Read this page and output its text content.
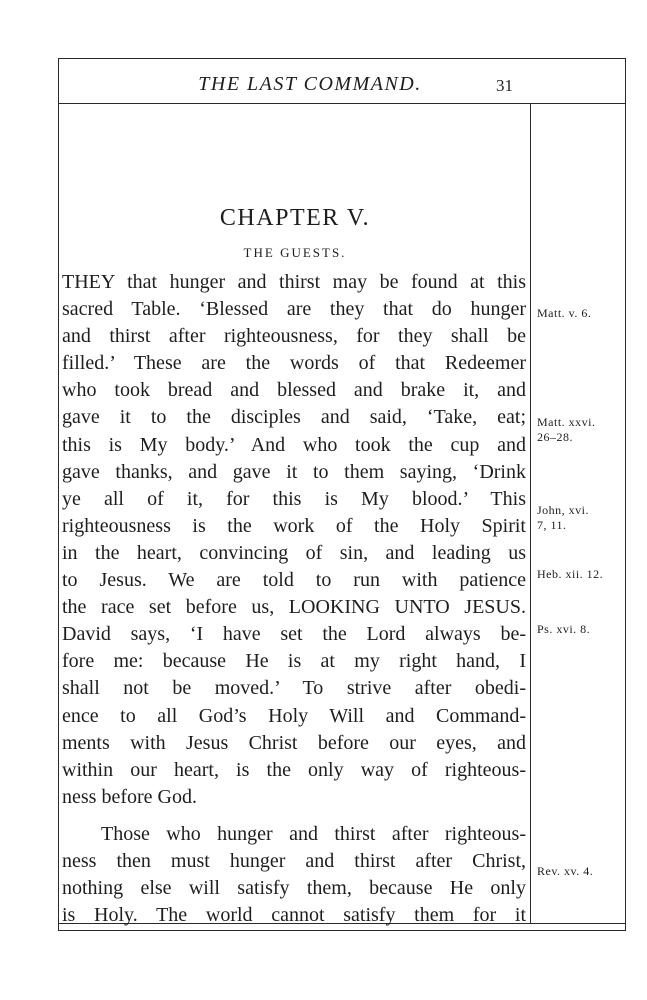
THE LAST COMMAND.	31
CHAPTER V.
THE GUESTS.
THEY that hunger and thirst may be found at this
sacred Table. ‘Blessed are they that do hunger
and thirst after righteousness, for they shall be
filled.’ These are the words of that Redeemer
who took bread and blessed and brake it, and
gave it to the disciples and said, ‘Take, eat;
this is My body.’ And who took the cup and
gave thanks, and gave it to them saying, ‘Drink
ye all of it, for this is My blood.’ This
righteousness is the work of the Holy Spirit
in the heart, convincing of sin, and leading us
to Jesus. We are told to run with patience
the race set before us, LOOKING UNTO JESUS.
David says, ‘I have set the Lord always be-
fore me: because He is at my right hand, I
shall not be moved.’ To strive after obedi-
ence to all God’s Holy Will and Command-
ments with Jesus Christ before our eyes, and
within our heart, is the only way of righteous-
ness before God.
Those who hunger and thirst after righteous-
ness then must hunger and thirst after Christ,
nothing else will satisfy them, because He only
is Holy. The world cannot satisfy them for it
Matt. v. 6.
Matt. xxvi.
26–28.
John, xvi.
7, 11.
Heb. xii. 12.
Ps. xvi. 8.
Rev. xv. 4.
